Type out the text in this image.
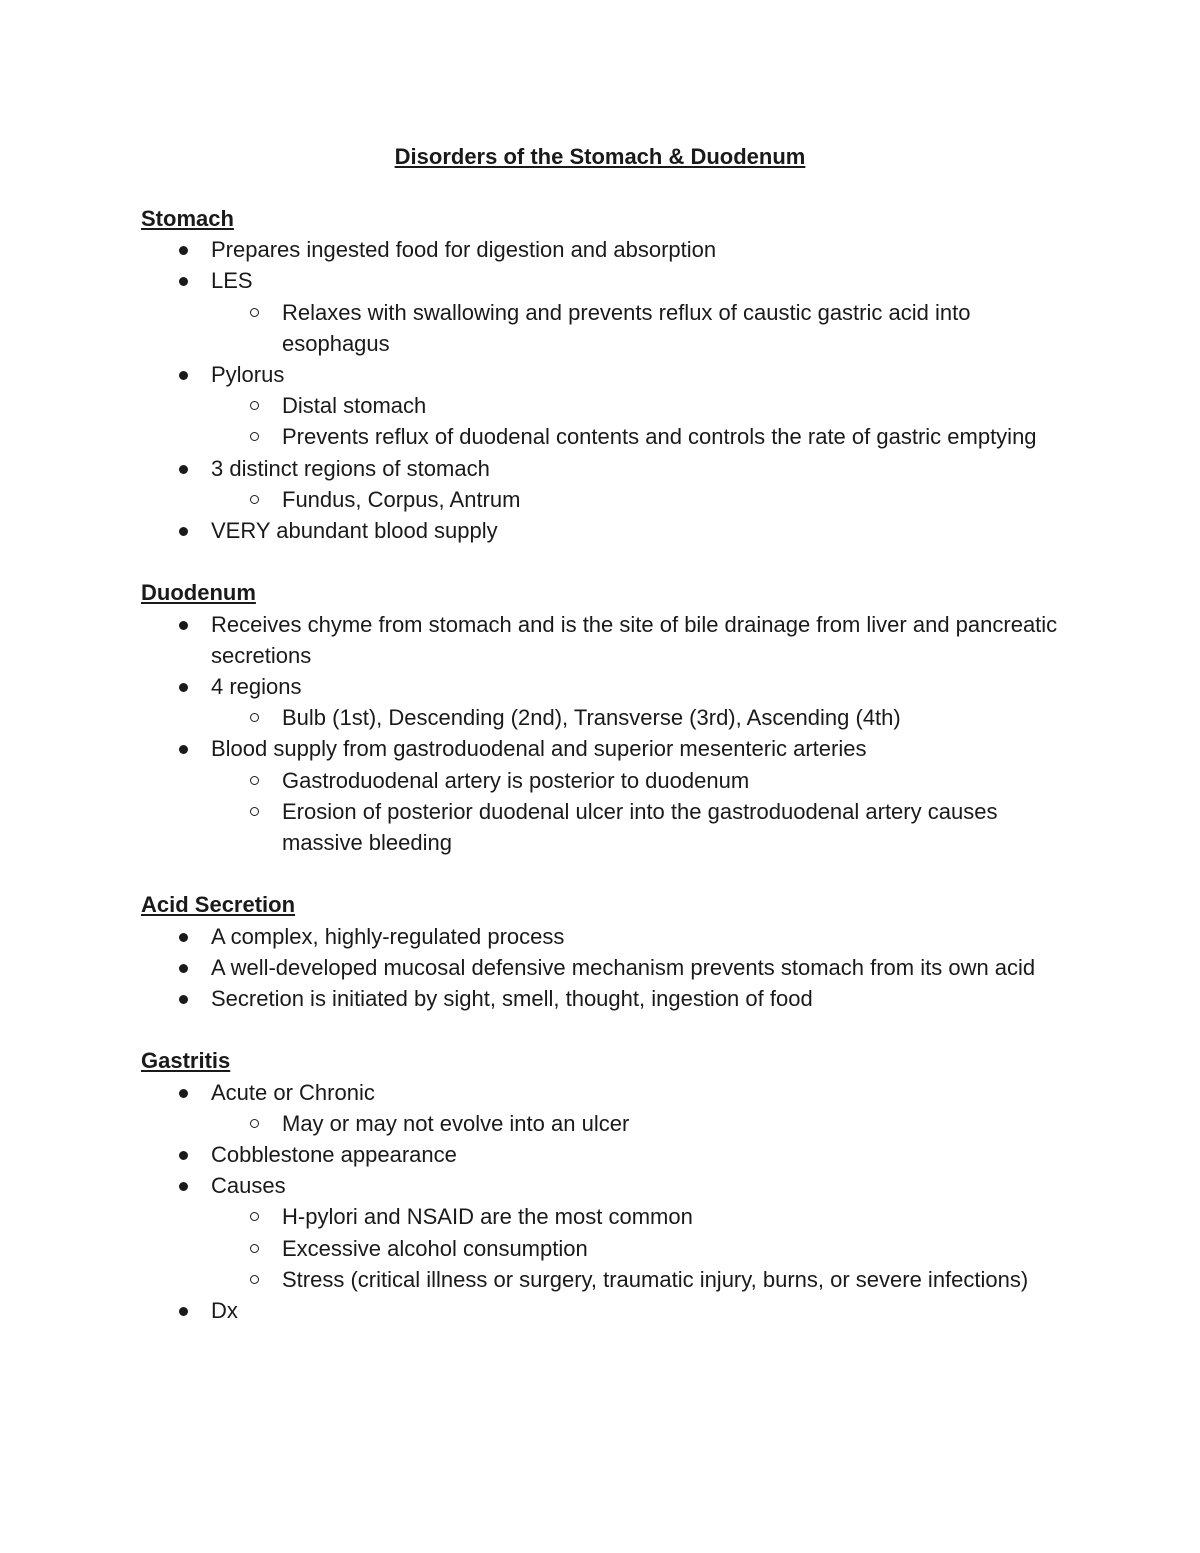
Disorders of the Stomach & Duodenum
Stomach
Prepares ingested food for digestion and absorption
LES
Relaxes with swallowing and prevents reflux of caustic gastric acid into esophagus
Pylorus
Distal stomach
Prevents reflux of duodenal contents and controls the rate of gastric emptying
3 distinct regions of stomach
Fundus, Corpus, Antrum
VERY abundant blood supply
Duodenum
Receives chyme from stomach and is the site of bile drainage from liver and pancreatic secretions
4 regions
Bulb (1st), Descending (2nd), Transverse (3rd), Ascending (4th)
Blood supply from gastroduodenal and superior mesenteric arteries
Gastroduodenal artery is posterior to duodenum
Erosion of posterior duodenal ulcer into the gastroduodenal artery causes massive bleeding
Acid Secretion
A complex, highly-regulated process
A well-developed mucosal defensive mechanism prevents stomach from its own acid
Secretion is initiated by sight, smell, thought, ingestion of food
Gastritis
Acute or Chronic
May or may not evolve into an ulcer
Cobblestone appearance
Causes
H-pylori and NSAID are the most common
Excessive alcohol consumption
Stress (critical illness or surgery, traumatic injury, burns, or severe infections)
Dx
